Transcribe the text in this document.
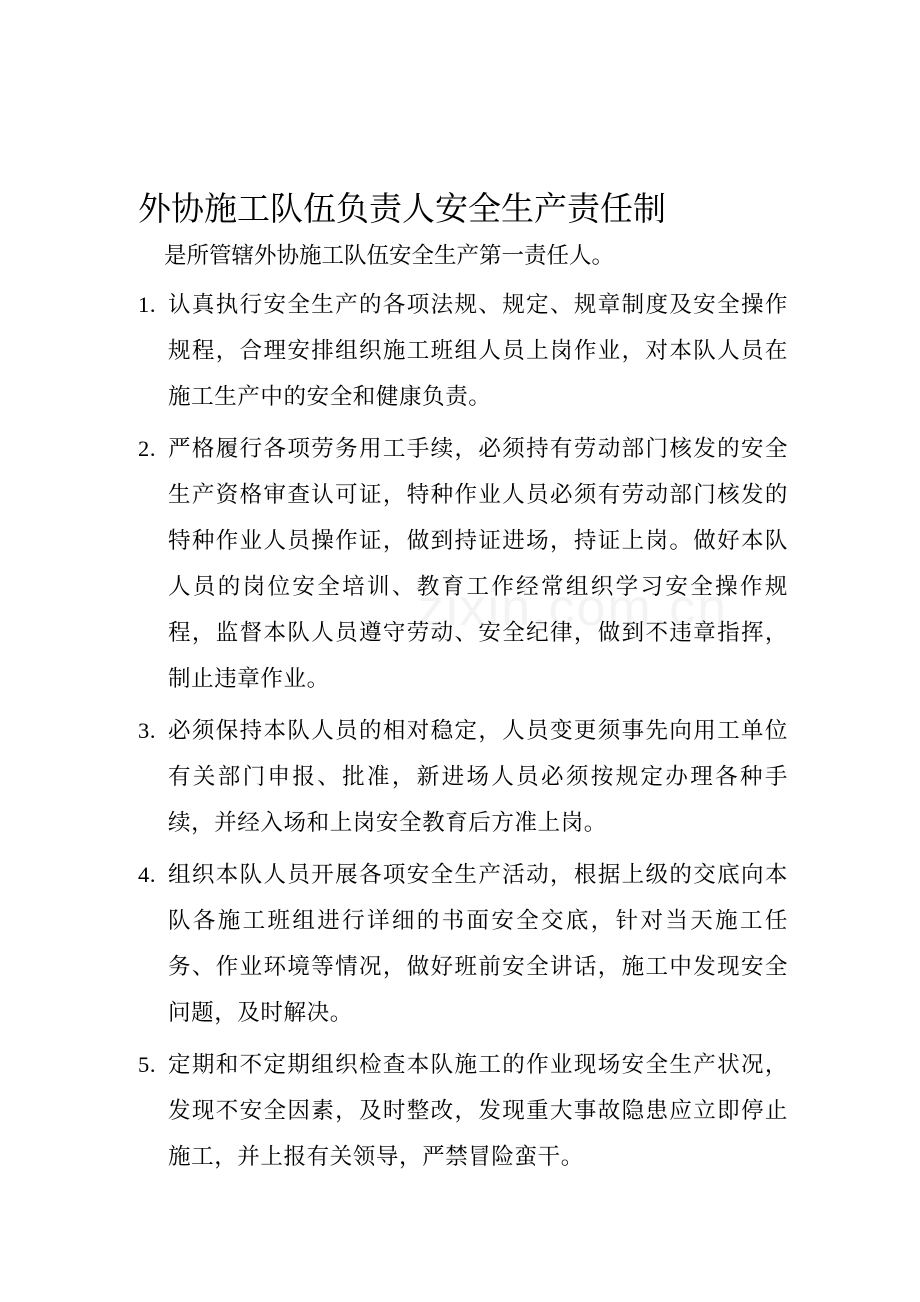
外协施工队伍负责人安全生产责任制

是所管辖外协施工队伍安全生产第一责任人。

1. 认真执行安全生产的各项法规、规定、规章制度及安全操作规程，合理安排组织施工班组人员上岗作业，对本队人员在施工生产中的安全和健康负责。
2. 严格履行各项劳务用工手续，必须持有劳动部门核发的安全生产资格审查认可证，特种作业人员必须有劳动部门核发的特种作业人员操作证，做到持证进场，持证上岗。做好本队人员的岗位安全培训、教育工作经常组织学习安全操作规程，监督本队人员遵守劳动、安全纪律，做到不违章指挥，制止违章作业。
3. 必须保持本队人员的相对稳定，人员变更须事先向用工单位有关部门申报、批准，新进场人员必须按规定办理各种手续，并经入场和上岗安全教育后方准上岗。
4. 组织本队人员开展各项安全生产活动，根据上级的交底向本队各施工班组进行详细的书面安全交底，针对当天施工任务、作业环境等情况，做好班前安全讲话，施工中发现安全问题，及时解决。
5. 定期和不定期组织检查本队施工的作业现场安全生产状况，发现不安全因素，及时整改，发现重大事故隐患应立即停止施工，并上报有关领导，严禁冒险蛮干。
